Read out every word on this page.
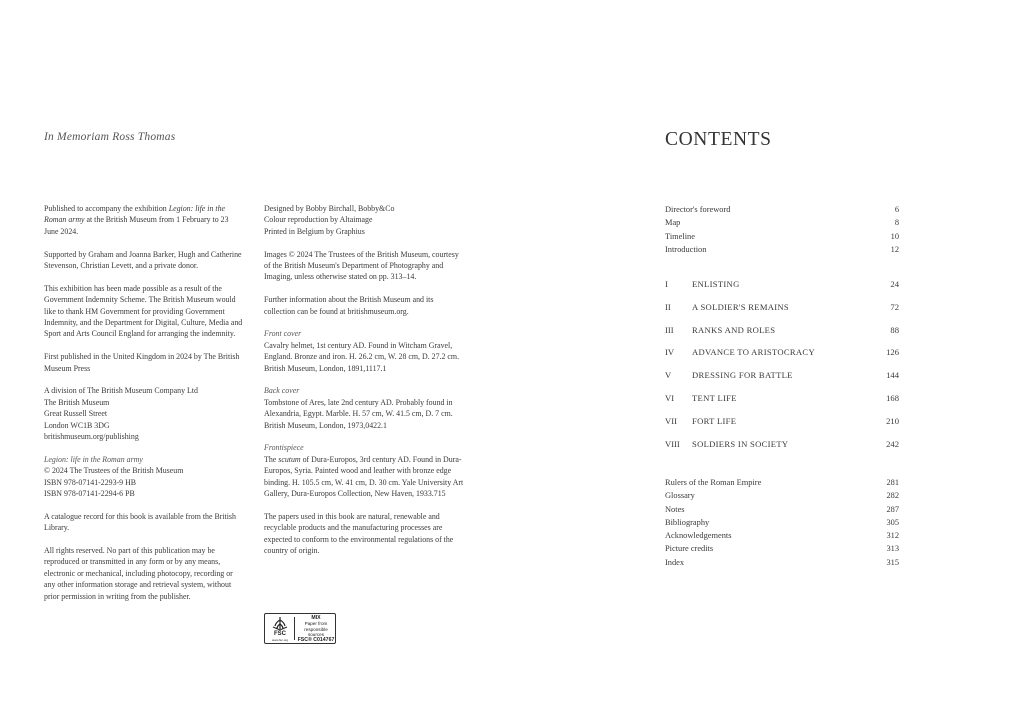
In Memoriam Ross Thomas

Published to accompany the exhibition Legion: life in the Roman army at the British Museum from 1 February to 23 June 2024.

Supported by Graham and Joanna Barker, Hugh and Catherine Stevenson, Christian Levett, and a private donor.

This exhibition has been made possible as a result of the Government Indemnity Scheme. The British Museum would like to thank HM Government for providing Government Indemnity, and the Department for Digital, Culture, Media and Sport and Arts Council England for arranging the indemnity.

First published in the United Kingdom in 2024 by The British Museum Press

A division of The British Museum Company Ltd
The British Museum
Great Russell Street
London WC1B 3DG
britishmuseum.org/publishing
Legion: life in the Roman army
© 2024 The Trustees of the British Museum
ISBN 978-07141-2293-9 HB
ISBN 978-07141-2294-6 PB

A catalogue record for this book is available from the British Library.

All rights reserved. No part of this publication may be reproduced or transmitted in any form or by any means, electronic or mechanical, including photocopy, recording or any other information storage and retrieval system, without prior permission in writing from the publisher.

Designed by Bobby Birchall, Bobby&Co
Colour reproduction by Altaimage
Printed in Belgium by Graphius

Images © 2024 The Trustees of the British Museum, courtesy of the British Museum's Department of Photography and Imaging, unless otherwise stated on pp. 313–14.

Further information about the British Museum and its collection can be found at britishmuseum.org.

Front cover
Cavalry helmet, 1st century AD. Found in Witcham Gravel, England. Bronze and iron. H. 26.2 cm, W. 28 cm, D. 27.2 cm. British Museum, London, 1891,1117.1
Back cover
Tombstone of Ares, late 2nd century AD. Probably found in Alexandria, Egypt. Marble. H. 57 cm, W. 41.5 cm, D. 7 cm. British Museum, London, 1973,0422.1
Frontispiece
The scutum of Dura-Europos, 3rd century AD. Found in Dura-Europos, Syria. Painted wood and leather with bronze edge binding. H. 105.5 cm, W. 41 cm, D. 30 cm. Yale University Art Gallery, Dura-Europos Collection, New Haven, 1933.715

The papers used in this book are natural, renewable and recyclable products and the manufacturing processes are expected to conform to the environmental regulations of the country of origin.

FSC
www.fsc.org
MIX
Paper from
responsible sources
FSC® C014767
CONTENTS
Director's foreword	6
Map	8
Timeline	10
Introduction	12
I	ENLISTING	24
II	A SOLDIER'S REMAINS	72
III	RANKS AND ROLES	88
IV	ADVANCE TO ARISTOCRACY	126
V	DRESSING FOR BATTLE	144
VI	TENT LIFE	168
VII	FORT LIFE	210
VIII	SOLDIERS IN SOCIETY	242
Rulers of the Roman Empire	281
Glossary	282
Notes	287
Bibliography	305
Acknowledgements	312
Picture credits	313
Index	315
